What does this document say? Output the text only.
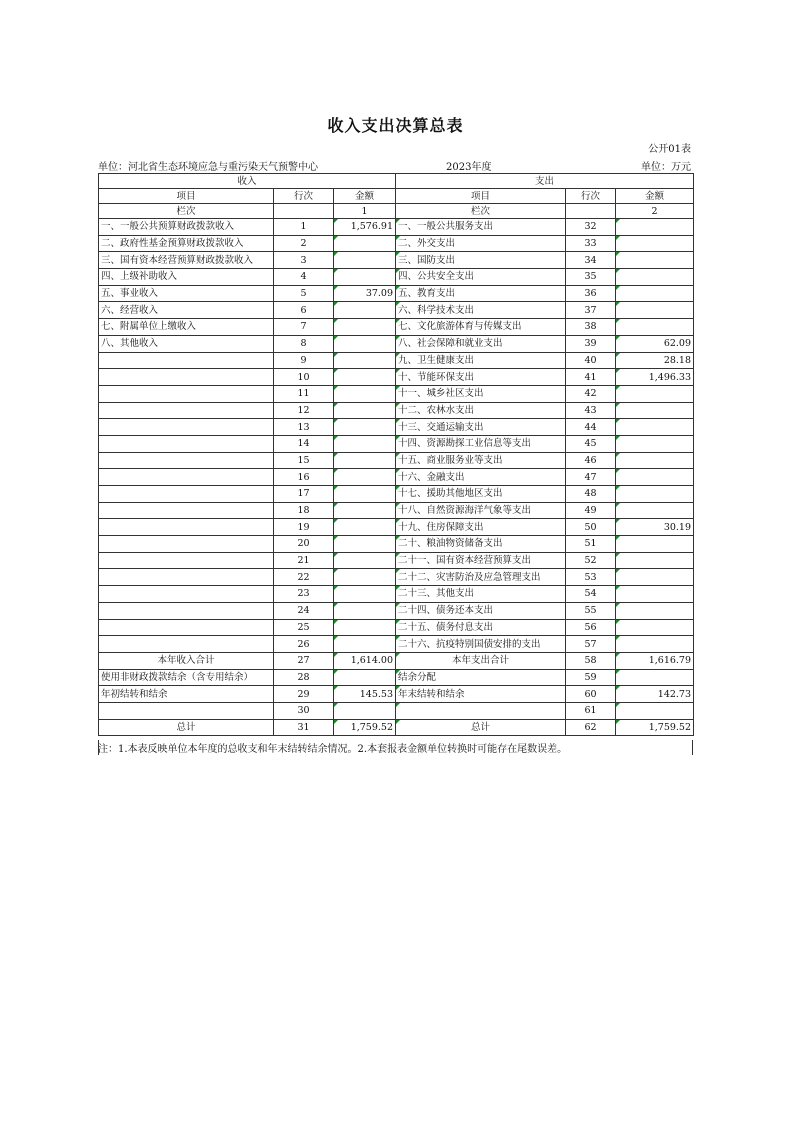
收入支出决算总表
公开01表
单位：河北省生态环境应急与重污染天气预警中心	2023年度	单位：万元
收入			支出		
项目	行次	金额	项目	行次	金额
栏次		1	栏次		2
一、一般公共预算财政拨款收入	1	1,576.91	一、一般公共服务支出	32	
二、政府性基金预算财政拨款收入	2		二、外交支出	33	
三、国有资本经营预算财政拨款收入	3		三、国防支出	34	
四、上级补助收入	4		四、公共安全支出	35	
五、事业收入	5	37.09	五、教育支出	36	
六、经营收入	6		六、科学技术支出	37	
七、附属单位上缴收入	7		七、文化旅游体育与传媒支出	38	
八、其他收入	8		八、社会保障和就业支出	39	62.09
	9		九、卫生健康支出	40	28.18
	10		十、节能环保支出	41	1,496.33
	11		十一、城乡社区支出	42	
	12		十二、农林水支出	43	
	13		十三、交通运输支出	44	
	14		十四、资源勘探工业信息等支出	45	
	15		十五、商业服务业等支出	46	
	16		十六、金融支出	47	
	17		十七、援助其他地区支出	48	
	18		十八、自然资源海洋气象等支出	49	
	19		十九、住房保障支出	50	30.19
	20		二十、粮油物资储备支出	51	
	21		二十一、国有资本经营预算支出	52	
	22		二十二、灾害防治及应急管理支出	53	
	23		二十三、其他支出	54	
	24		二十四、债务还本支出	55	
	25		二十五、债务付息支出	56	
	26		二十六、抗疫特别国债安排的支出	57	
本年收入合计	27	1,614.00	本年支出合计	58	1,616.79
使用非财政拨款结余（含专用结余）	28		结余分配	59	
年初结转和结余	29	145.53	年末结转和结余	60	142.73
	30			61	
总计	31	1,759.52	总计	62	1,759.52
注：1.本表反映单位本年度的总收支和年末结转结余情况。2.本套报表金额单位转换时可能存在尾数误差。
